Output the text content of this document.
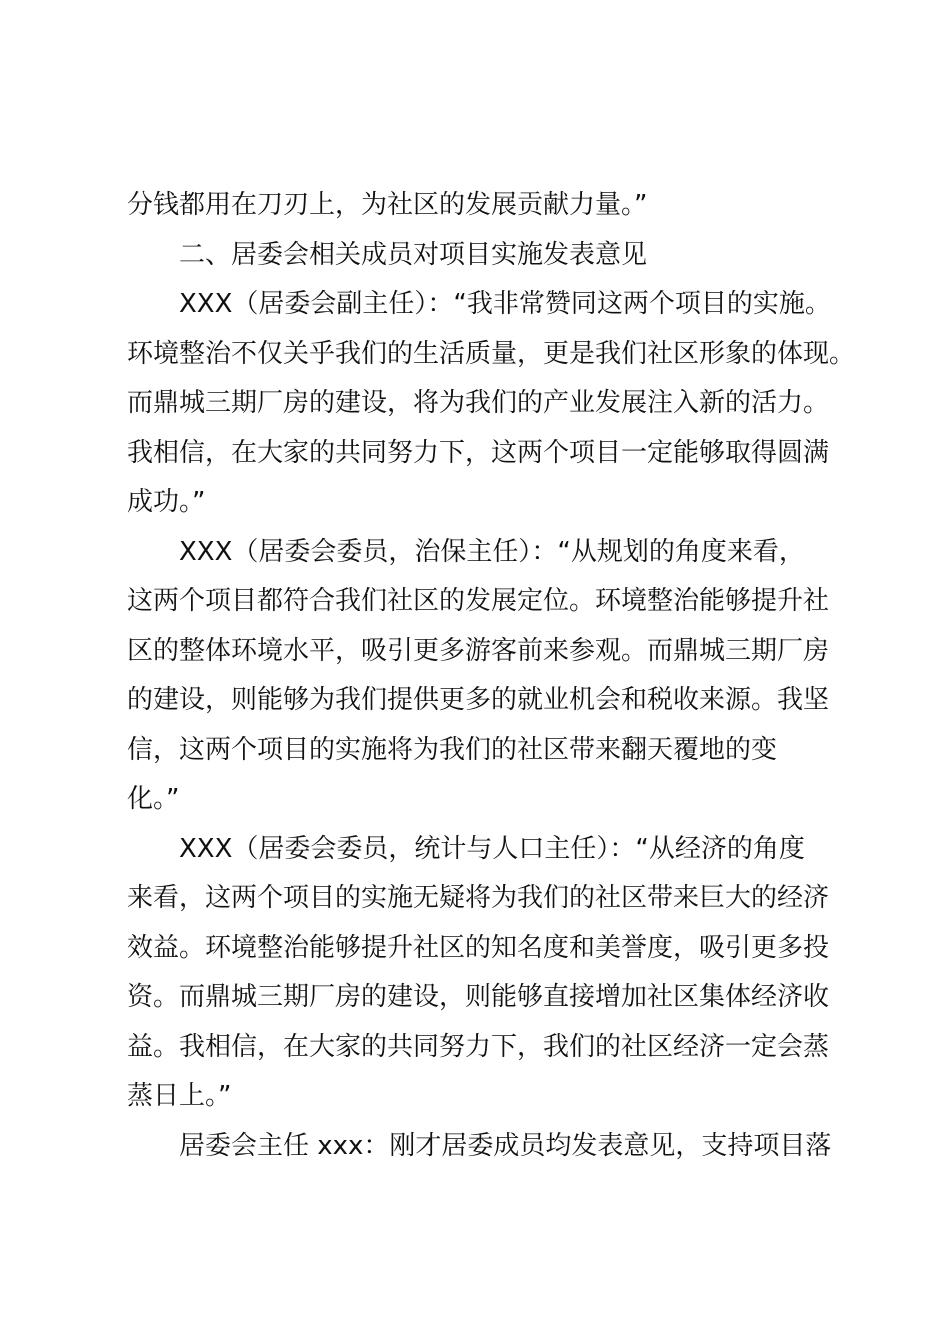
分钱都用在刀刃上，为社区的发展贡献力量。”
二、居委会相关成员对项目实施发表意见
XXX（居委会副主任）：“我非常赞同这两个项目的实施。
环境整治不仅关乎我们的生活质量，更是我们社区形象的体现。
而鼎城三期厂房的建设，将为我们的产业发展注入新的活力。
我相信，在大家的共同努力下，这两个项目一定能够取得圆满
成功。”
XXX（居委会委员，治保主任）：“从规划的角度来看，
这两个项目都符合我们社区的发展定位。环境整治能够提升社
区的整体环境水平，吸引更多游客前来参观。而鼎城三期厂房
的建设，则能够为我们提供更多的就业机会和税收来源。我坚
信，这两个项目的实施将为我们的社区带来翻天覆地的变
化。”
XXX（居委会委员，统计与人口主任）：“从经济的角度
来看，这两个项目的实施无疑将为我们的社区带来巨大的经济
效益。环境整治能够提升社区的知名度和美誉度，吸引更多投
资。而鼎城三期厂房的建设，则能够直接增加社区集体经济收
益。我相信，在大家的共同努力下，我们的社区经济一定会蒸
蒸日上。”
居委会主任 xxx：刚才居委成员均发表意见，支持项目落
